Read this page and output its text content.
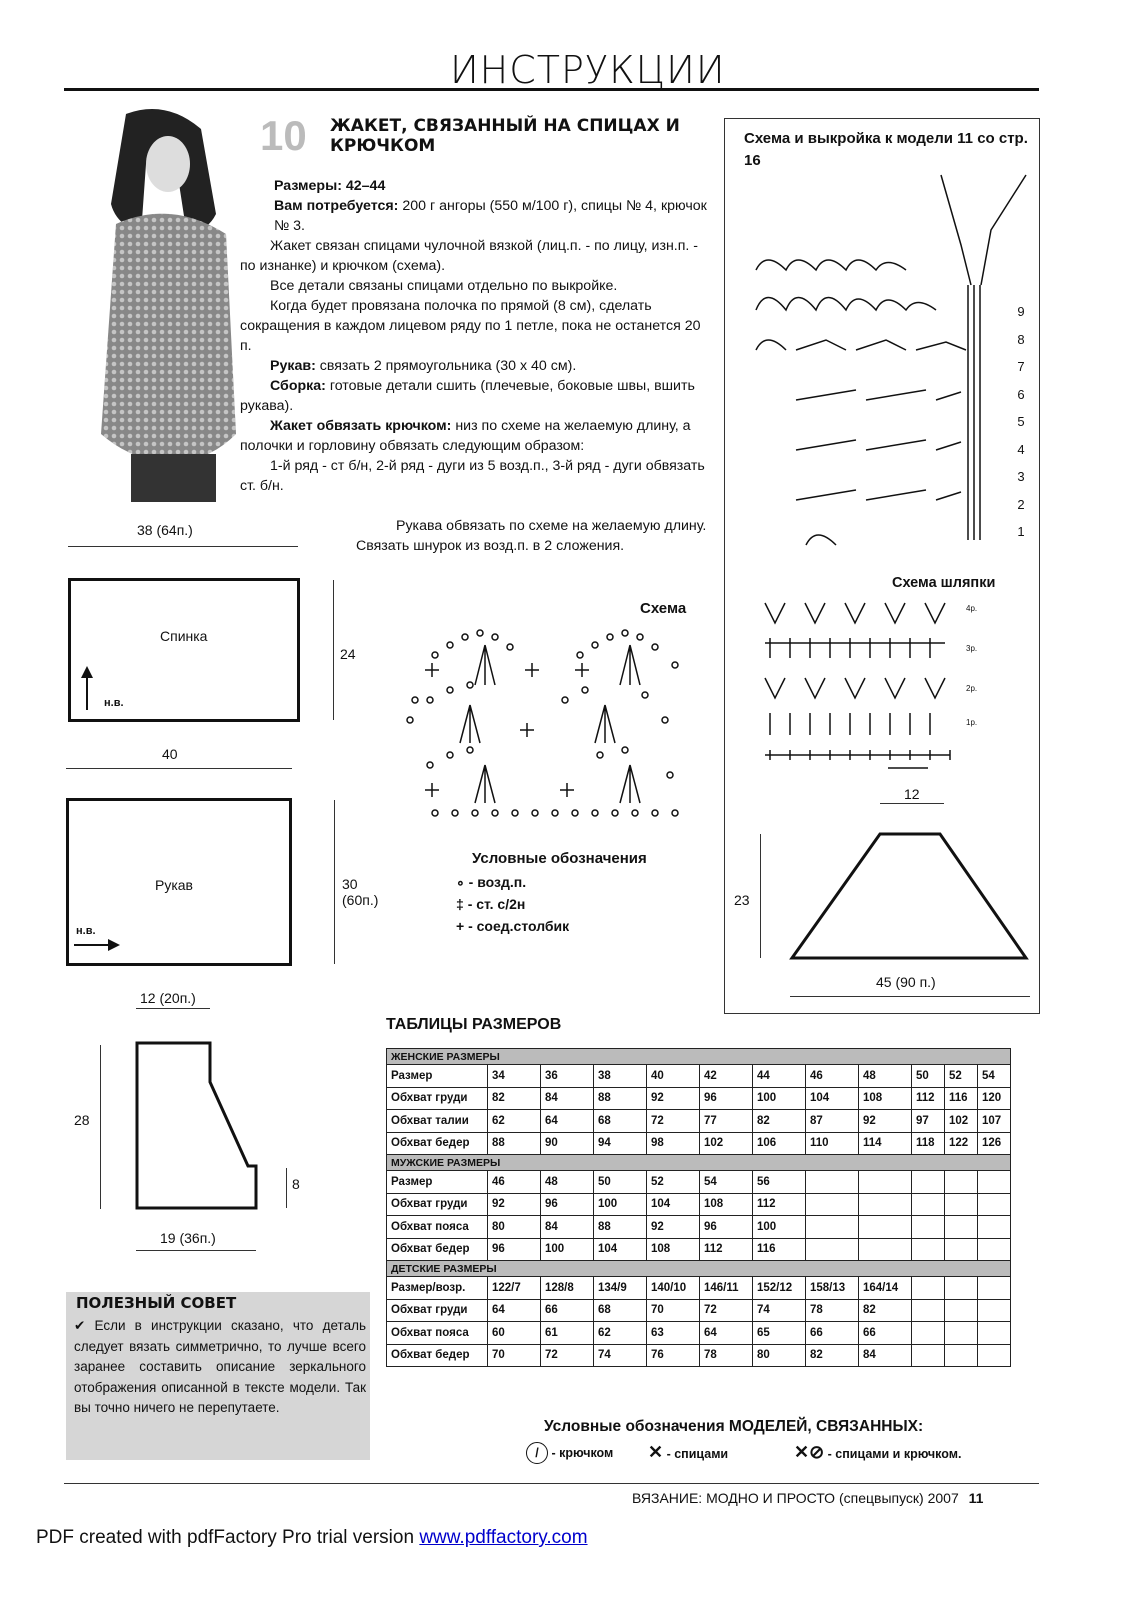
ИНСТРУКЦИИ
10 ЖАКЕТ, СВЯЗАННЫЙ НА СПИЦАХ И КРЮЧКОМ

Размеры: 42–44

Вам потребуется: 200 г ангоры (550 м/100 г), спицы № 4, крючок № 3.

Жакет связан спицами чулочной вязкой (лиц.п. - по лицу, изн.п. - по изнанке) и крючком (схема).

Все детали связаны спицами отдельно по выкройке.

Когда будет провязана полочка по прямой (8 см), сделать сокращения в каждом лицевом ряду по 1 петле, пока не останется 20 п.

Рукав: связать 2 прямоугольника (30 х 40 см).

Сборка: готовые детали сшить (плечевые, боковые швы, вшить рукава).

Жакет обвязать крючком: низ по схеме на желаемую длину, а полочки и горловину обвязать следующим образом:

1-й ряд - ст б/н, 2-й ряд - дуги из 5 возд.п., 3-й ряд - дуги обвязать ст. б/н.

Рукава обвязать по схеме на желаемую длину. Связать шнурок из возд.п. в 2 сложения.
38 (64п.)
Спинка
24
н.в.
40
Рукав	30
(60п.)
н.в.
12 (20п.)
28
8
19 (36п.)
Схема
Условные обозначения
∘ - возд.п.
‡ - ст. с/2н
+ - соед.столбик
Схема и выкройка к модели 11 со стр. 16
9
8
7
6
5
4
3
2
1
Схема шляпки
4р.
3р.
2р.
1р.
12
23
45 (90 п.)
ТАБЛИЦЫ РАЗМЕРОВ
ЖЕНСКИЕ РАЗМЕРЫ											
Размер	34	36	38	40	42	44	46	48	50	52	54
Обхват груди	82	84	88	92	96	100	104	108	112	116	120
Обхват талии	62	64	68	72	77	82	87	92	97	102	107
Обхват бедер	88	90	94	98	102	106	110	114	118	122	126
МУЖСКИЕ РАЗМЕРЫ											
Размер	46	48	50	52	54	56					
Обхват груди	92	96	100	104	108	112					
Обхват пояса	80	84	88	92	96	100					
Обхват бедер	96	100	104	108	112	116					
ДЕТСКИЕ РАЗМЕРЫ											
Размер/возр.	122/7	128/8	134/9	140/10	146/11	152/12	158/13	164/14			
Обхват груди	64	66	68	70	72	74	78	82			
Обхват пояса	60	61	62	63	64	65	66	66			
Обхват бедер	70	72	74	76	78	80	82	84			
Условные обозначения МОДЕЛЕЙ, СВЯЗАННЫХ:
/ - крючком ✕ - спицами	✕⊘ - спицами и крючком.
ПОЛЕЗНЫЙ СОВЕТ
✔ Если в инструкции сказано, что деталь следует вязать симметрично, то лучше всего заранее составить описание зеркального отображения описанной в тексте модели. Так вы точно ничего не перепутаете.
ВЯЗАНИЕ: МОДНО И ПРОСТО (спецвыпуск) 2007 11
PDF created with pdfFactory Pro trial version www.pdffactory.com
